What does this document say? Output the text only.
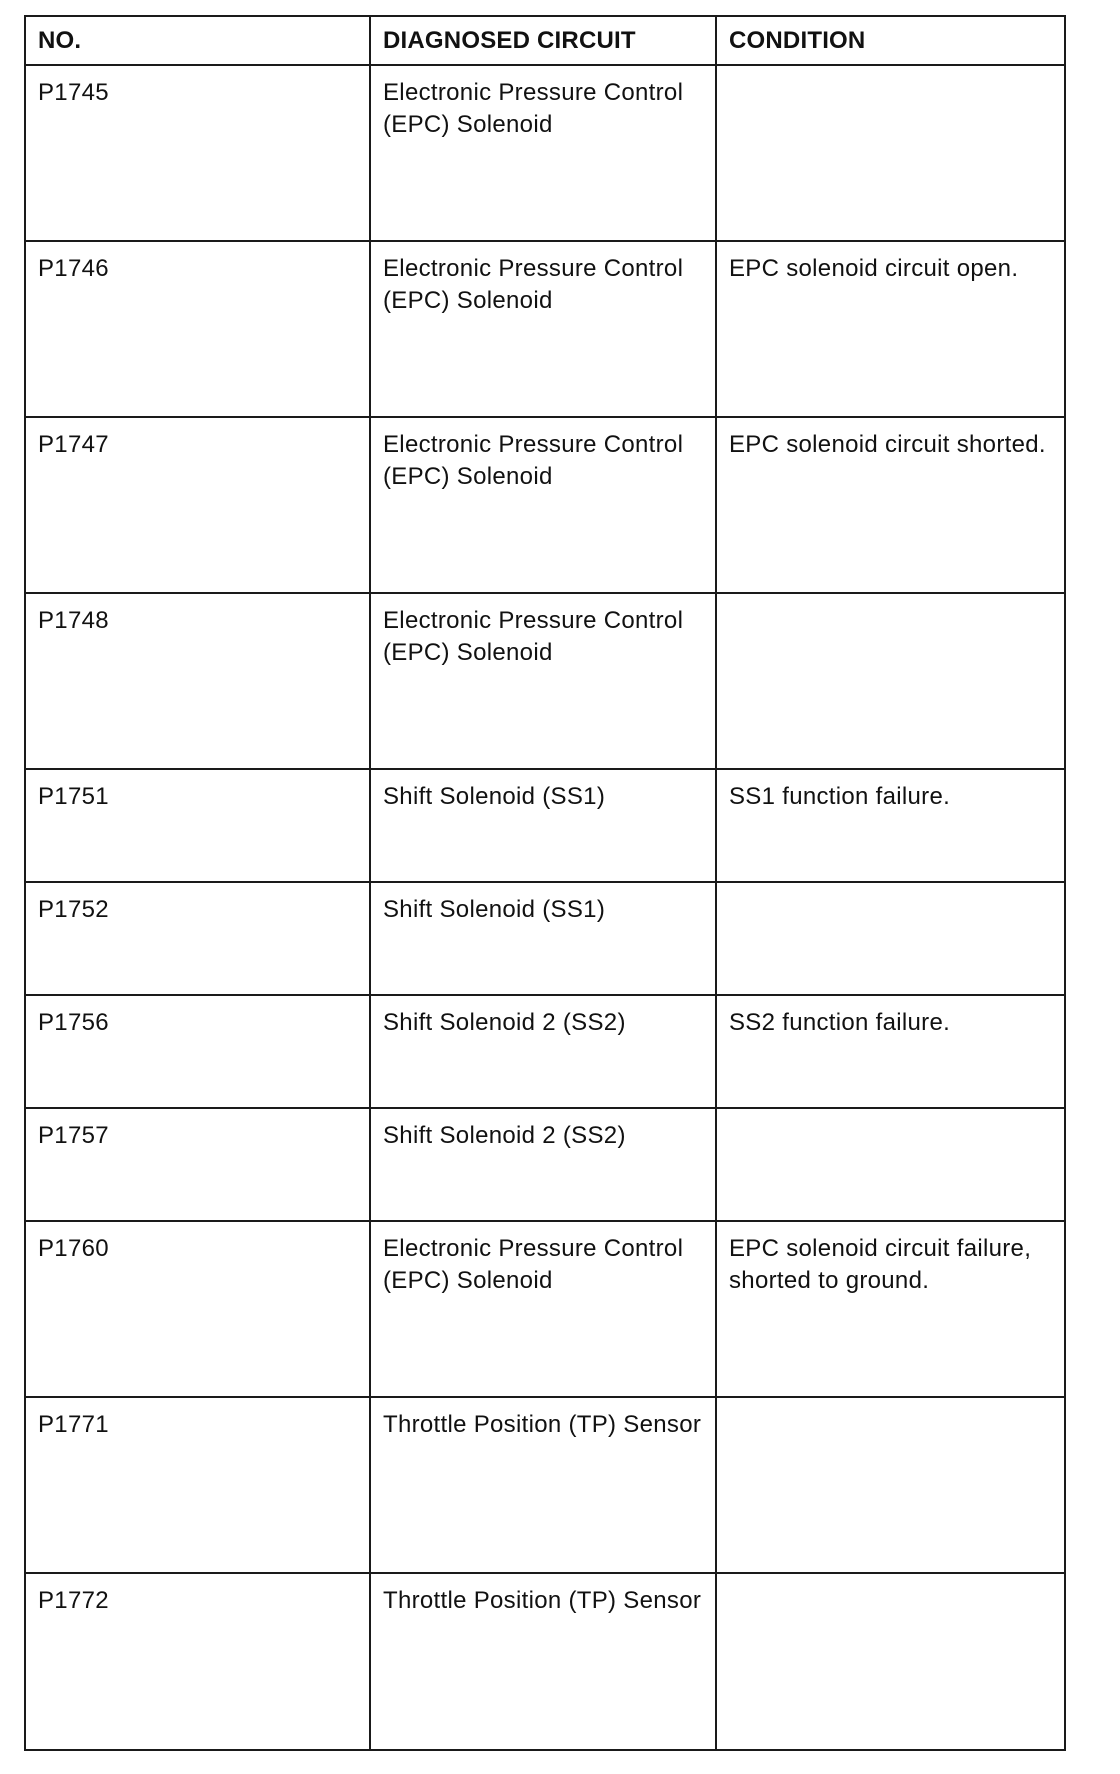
NO.	DIAGNOSED CIRCUIT	CONDITION
P1745	Electronic Pressure Control (EPC) Solenoid	
P1746	Electronic Pressure Control (EPC) Solenoid	EPC solenoid circuit open.
P1747	Electronic Pressure Control (EPC) Solenoid	EPC solenoid circuit shorted.
P1748	Electronic Pressure Control (EPC) Solenoid	
P1751	Shift Solenoid (SS1)	SS1 function failure.
P1752	Shift Solenoid (SS1)	
P1756	Shift Solenoid 2 (SS2)	SS2 function failure.
P1757	Shift Solenoid 2 (SS2)	
P1760	Electronic Pressure Control (EPC) Solenoid	EPC solenoid circuit failure, shorted to ground.
P1771	Throttle Position (TP) Sensor	
P1772	Throttle Position (TP) Sensor	
